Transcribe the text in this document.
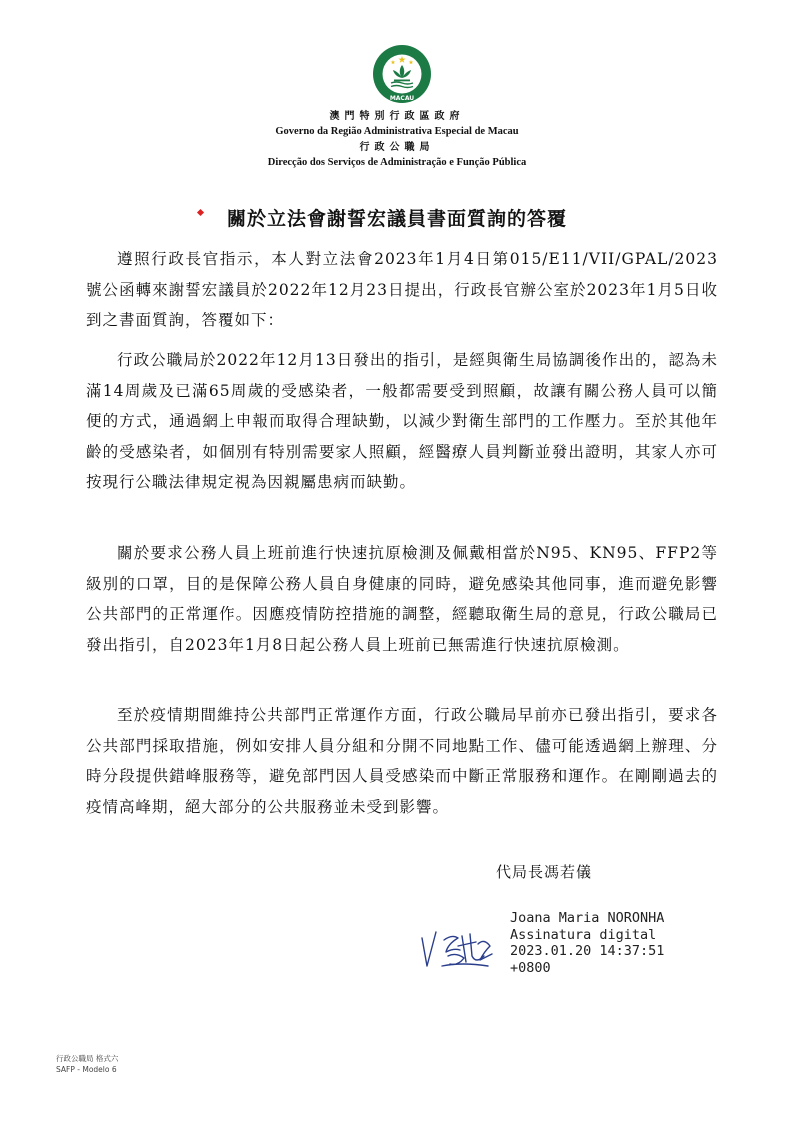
MACAU
澳門特別行政區政府
Governo da Região Administrativa Especial de Macau
行政公職局
Direcção dos Serviços de Administração e Função Pública
關於立法會謝誓宏議員書面質詢的答覆

遵照行政長官指示，本人對立法會2023年1月4日第015/E11/VII/GPAL/2023號公函轉來謝誓宏議員於2022年12月23日提出，行政長官辦公室於2023年1月5日收到之書面質詢，答覆如下：

行政公職局於2022年12月13日發出的指引，是經與衛生局協調後作出的，認為未滿14周歲及已滿65周歲的受感染者，一般都需要受到照顧，故讓有關公務人員可以簡便的方式，通過網上申報而取得合理缺勤，以減少對衛生部門的工作壓力。至於其他年齡的受感染者，如個別有特別需要家人照顧，經醫療人員判斷並發出證明，其家人亦可按現行公職法律規定視為因親屬患病而缺勤。

關於要求公務人員上班前進行快速抗原檢測及佩戴相當於N95、KN95、FFP2等級別的口罩，目的是保障公務人員自身健康的同時，避免感染其他同事，進而避免影響公共部門的正常運作。因應疫情防控措施的調整，經聽取衛生局的意見，行政公職局已發出指引，自2023年1月8日起公務人員上班前已無需進行快速抗原檢測。

至於疫情期間維持公共部門正常運作方面，行政公職局早前亦已發出指引，要求各公共部門採取措施，例如安排人員分組和分開不同地點工作、儘可能透過網上辦理、分時分段提供錯峰服務等，避免部門因人員受感染而中斷正常服務和運作。在剛剛過去的疫情高峰期，絕大部分的公共服務並未受到影響。

代局長馮若儀
Joana Maria NORONHA
Assinatura digital
2023.01.20 14:37:51
+0800
行政公職局 格式六
SAFP - Modelo 6
